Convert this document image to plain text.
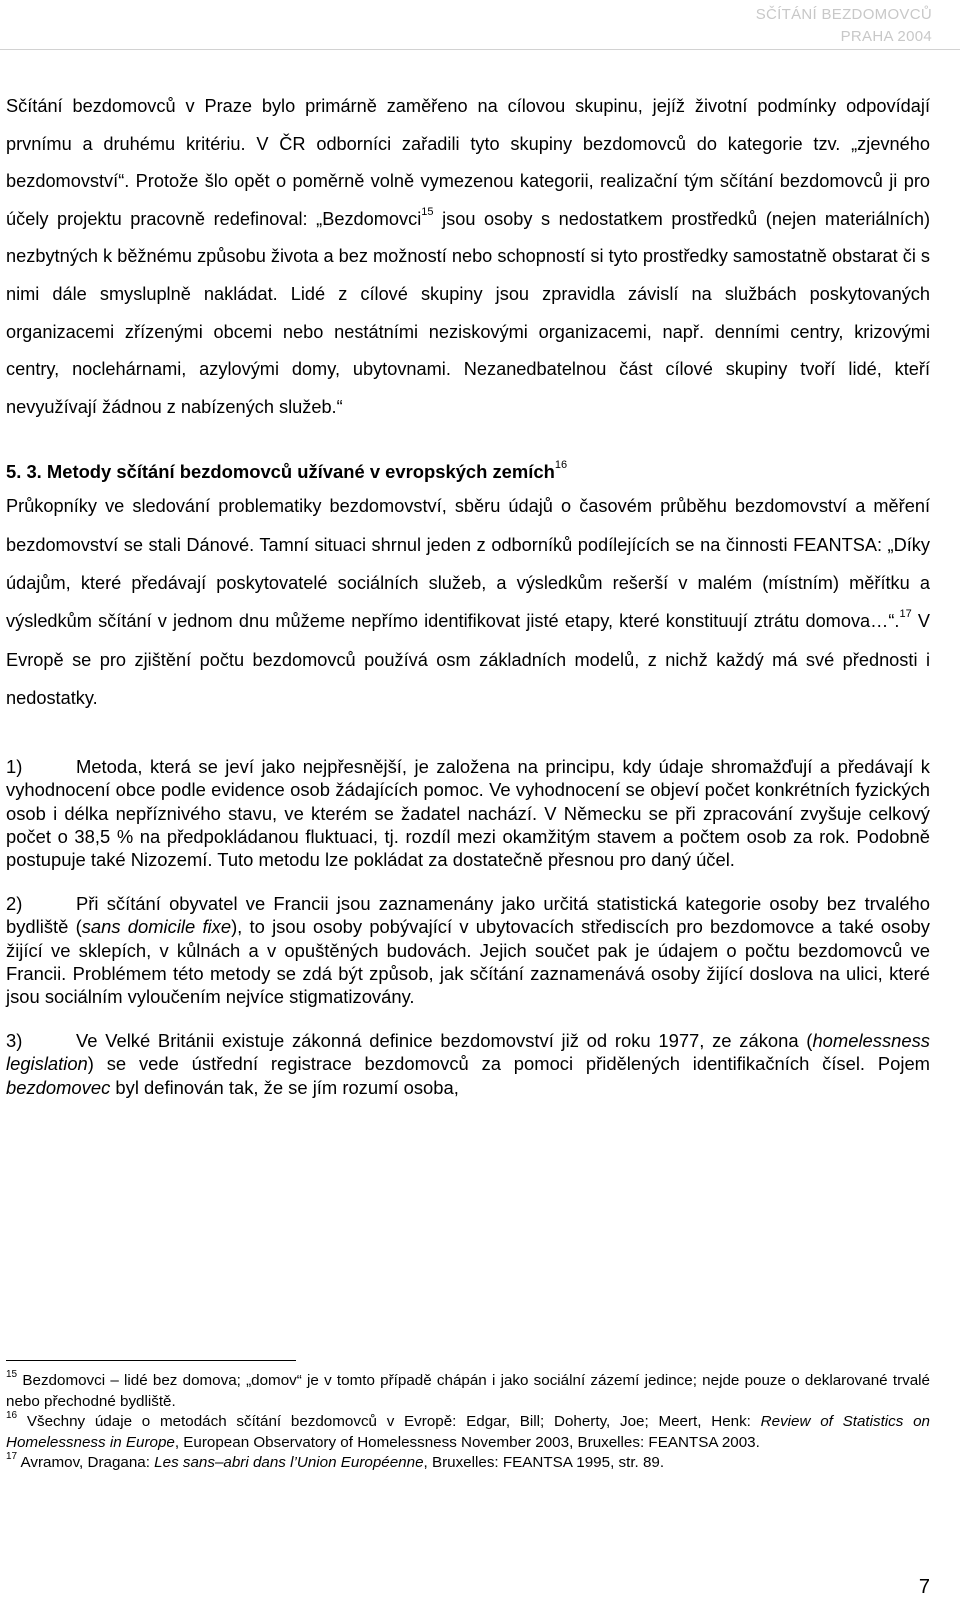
SČÍTÁNÍ BEZDOMOVCŮ
PRAHA 2004

Sčítání bezdomovců v Praze bylo primárně zaměřeno na cílovou skupinu, jejíž životní podmínky odpovídají prvnímu a druhému kritériu. V ČR odborníci zařadili tyto skupiny bezdomovců do kategorie tzv. „zjevného bezdomovství“. Protože šlo opět o poměrně volně vymezenou kategorii, realizační tým sčítání bezdomovců ji pro účely projektu pracovně redefinoval: „Bezdomovci$^{15}$ jsou osoby s nedostatkem prostředků (nejen materiálních) nezbytných k běžnému způsobu života a bez možností nebo schopností si tyto prostředky samostatně obstarat či s nimi dále smysluplně nakládat. Lidé z cílové skupiny jsou zpravidla závislí na službách poskytovaných organizacemi zřízenými obcemi nebo nestátními neziskovými organizacemi, např. denními centry, krizovými centry, noclehárnami, azylovými domy, ubytovnami. Nezanedbatelnou část cílové skupiny tvoří lidé, kteří nevyužívají žádnou z nabízených služeb.“

5. 3. Metody sčítání bezdomovců užívané v evropských zemích$^{16}$

Průkopníky ve sledování problematiky bezdomovství, sběru údajů o časovém průběhu bezdomovství a měření bezdomovství se stali Dánové. Tamní situaci shrnul jeden z odborníků podílejících se na činnosti FEANTSA: „Díky údajům, které předávají poskytovatelé sociálních služeb, a výsledkům rešerší v malém (místním) měřítku a výsledkům sčítání v jednom dnu můžeme nepřímo identifikovat jisté etapy, které konstituují ztrátu domova…“.$^{17}$ V Evropě se pro zjištění počtu bezdomovců používá osm základních modelů, z nichž každý má své přednosti i nedostatky.

1)	Metoda, která se jeví jako nejpřesnější, je založena na principu, kdy údaje shromažďují a předávají k vyhodnocení obce podle evidence osob žádajících pomoc. Ve vyhodnocení se objeví počet konkrétních fyzických osob i délka nepříznivého stavu, ve kterém se žadatel nachází. V Německu se při zpracování zvyšuje celkový počet o 38,5 % na předpokládanou fluktuaci, tj. rozdíl mezi okamžitým stavem a počtem osob za rok. Podobně postupuje také Nizozemí. Tuto metodu lze pokládat za dostatečně přesnou pro daný účel.

2)	Při sčítání obyvatel ve Francii jsou zaznamenány jako určitá statistická kategorie osoby bez trvalého bydliště (sans domicile fixe), to jsou osoby pobývající v ubytovacích střediscích pro bezdomovce a také osoby žijící ve sklepích, v kůlnách a v opuštěných budovách. Jejich součet pak je údajem o počtu bezdomovců ve Francii. Problémem této metody se zdá být způsob, jak sčítání zaznamenává osoby žijící doslova na ulici, které jsou sociálním vyloučením nejvíce stigmatizovány.

3)	Ve Velké Británii existuje zákonná definice bezdomovství již od roku 1977, ze zákona (homelessness legislation) se vede ústřední registrace bezdomovců za pomoci přidělených identifikačních čísel. Pojem bezdomovec byl definován tak, že se jím rozumí osoba,

$^{15}$ Bezdomovci – lidé bez domova; „domov“ je v tomto případě chápán i jako sociální zázemí jedince; nejde pouze o deklarované trvalé nebo přechodné bydliště.

$^{16}$ Všechny údaje o metodách sčítání bezdomovců v Evropě: Edgar, Bill; Doherty, Joe; Meert, Henk: Review of Statistics on Homelessness in Europe, European Observatory of Homelessness November 2003, Bruxelles: FEANTSA 2003.

$^{17}$ Avramov, Dragana: Les sans–abri dans l’Union Européenne, Bruxelles: FEANTSA 1995, str. 89.

7
